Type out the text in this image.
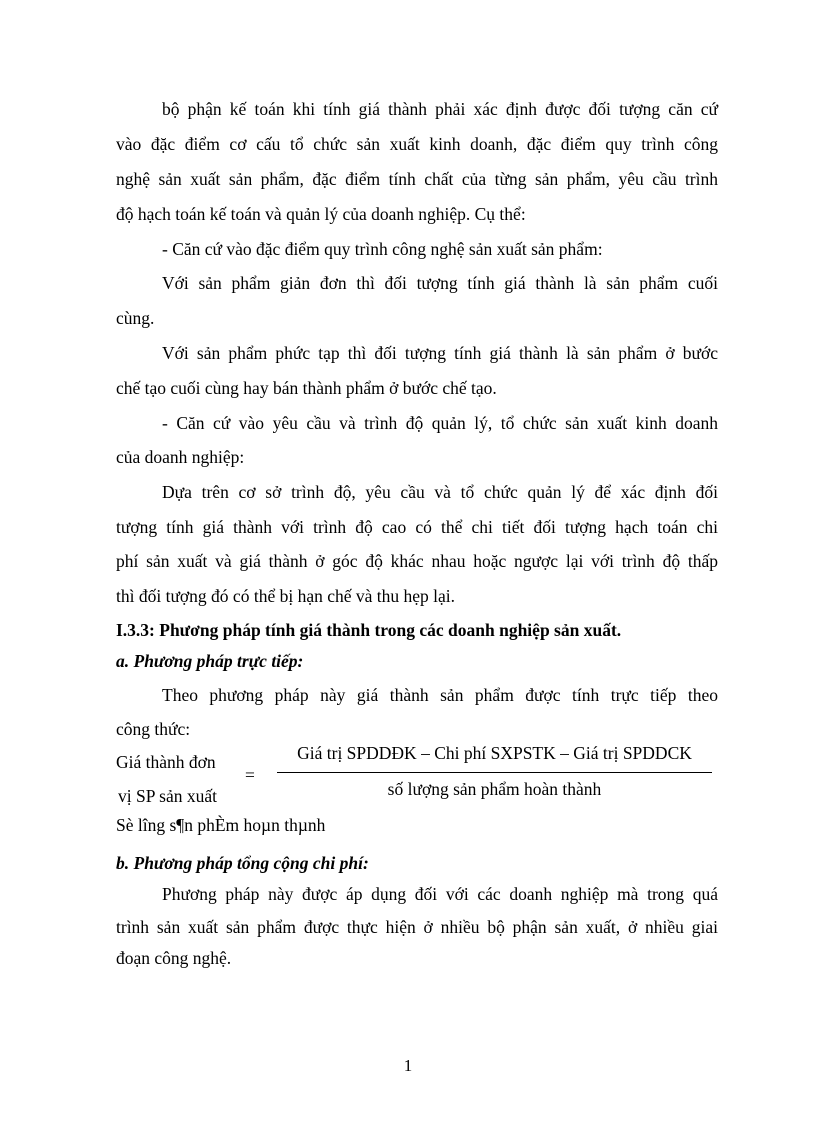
bộ phận kế toán khi tính giá thành phải xác định được đối tượng căn cứ
vào đặc điểm cơ cấu tổ chức sản xuất kinh doanh, đặc điểm quy trình công
nghệ sản xuất sản phẩm, đặc điểm tính chất của từng sản phẩm, yêu cầu trình
độ hạch toán kế toán và quản lý của doanh nghiệp. Cụ thể:
- Căn cứ vào đặc điểm quy trình công nghệ sản xuất sản phẩm:
Với sản phẩm giản đơn thì đối tượng tính giá thành là sản phẩm cuối
cùng.
Với sản phẩm phức tạp thì đối tượng tính giá thành là sản phẩm ở bước
chế tạo cuối cùng hay bán thành phẩm ở bước chế tạo.
- Căn cứ vào yêu cầu và trình độ quản lý, tổ chức sản xuất kinh doanh
của doanh nghiệp:
Dựa trên cơ sở trình độ, yêu cầu và tổ chức quản lý để xác định đối
tượng tính giá thành với trình độ cao có thể chi tiết đối tượng hạch toán chi
phí sản xuất và giá thành ở góc độ khác nhau hoặc ngược lại với trình độ thấp
thì đối tượng đó có thể bị hạn chế và thu hẹp lại.
I.3.3: Phương pháp tính giá thành trong các doanh nghiệp sản xuất.
a. Phương pháp trực tiếp:
Theo phương pháp này giá thành sản phẩm được tính trực tiếp theo
công thức:
Giá thành đơn
vị SP sản xuất
=
Giá trị SPDDĐK – Chi phí SXPSTK – Giá trị SPDDCK
số lượng sản phẩm hoàn thành
Sè lîng s¶n phÈm hoµn thµnh
b. Phương pháp tổng cộng chi phí:
Phương pháp này được áp dụng đối với các doanh nghiệp mà trong quá
trình sản xuất sản phẩm được thực hiện ở nhiều bộ phận sản xuất, ở nhiều giai
đoạn công nghệ.
1
